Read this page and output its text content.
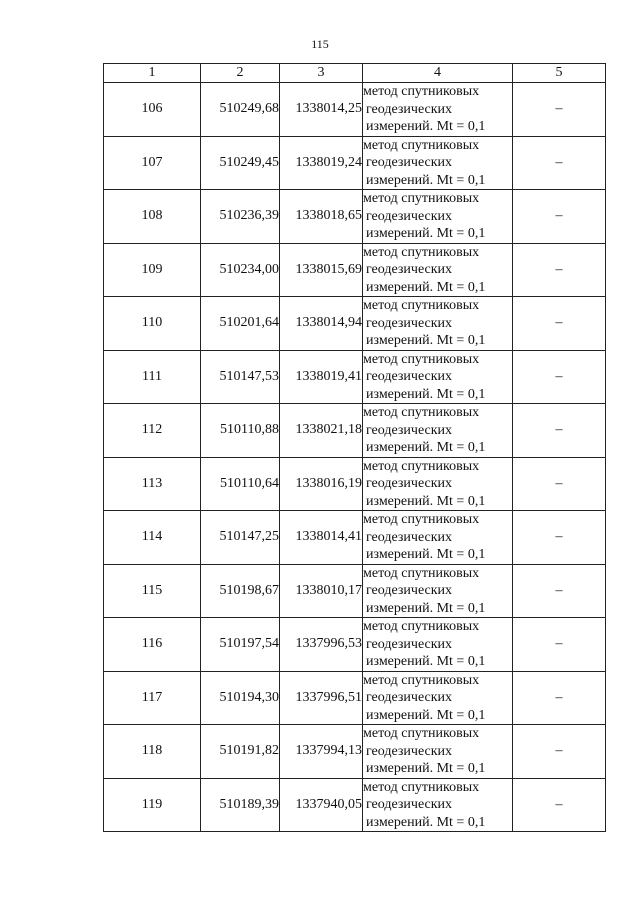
115
1	2	3	4	5
106	510249,68	1338014,25	метод спутниковых
геодезических
измерений. Mt = 0,1	–
107	510249,45	1338019,24	метод спутниковых
геодезических
измерений. Mt = 0,1	–
108	510236,39	1338018,65	метод спутниковых
геодезических
измерений. Mt = 0,1	–
109	510234,00	1338015,69	метод спутниковых
геодезических
измерений. Mt = 0,1	–
110	510201,64	1338014,94	метод спутниковых
геодезических
измерений. Mt = 0,1	–
111	510147,53	1338019,41	метод спутниковых
геодезических
измерений. Mt = 0,1	–
112	510110,88	1338021,18	метод спутниковых
геодезических
измерений. Mt = 0,1	–
113	510110,64	1338016,19	метод спутниковых
геодезических
измерений. Mt = 0,1	–
114	510147,25	1338014,41	метод спутниковых
геодезических
измерений. Mt = 0,1	–
115	510198,67	1338010,17	метод спутниковых
геодезических
измерений. Mt = 0,1	–
116	510197,54	1337996,53	метод спутниковых
геодезических
измерений. Mt = 0,1	–
117	510194,30	1337996,51	метод спутниковых
геодезических
измерений. Mt = 0,1	–
118	510191,82	1337994,13	метод спутниковых
геодезических
измерений. Mt = 0,1	–
119	510189,39	1337940,05	метод спутниковых
геодезических
измерений. Mt = 0,1	–
